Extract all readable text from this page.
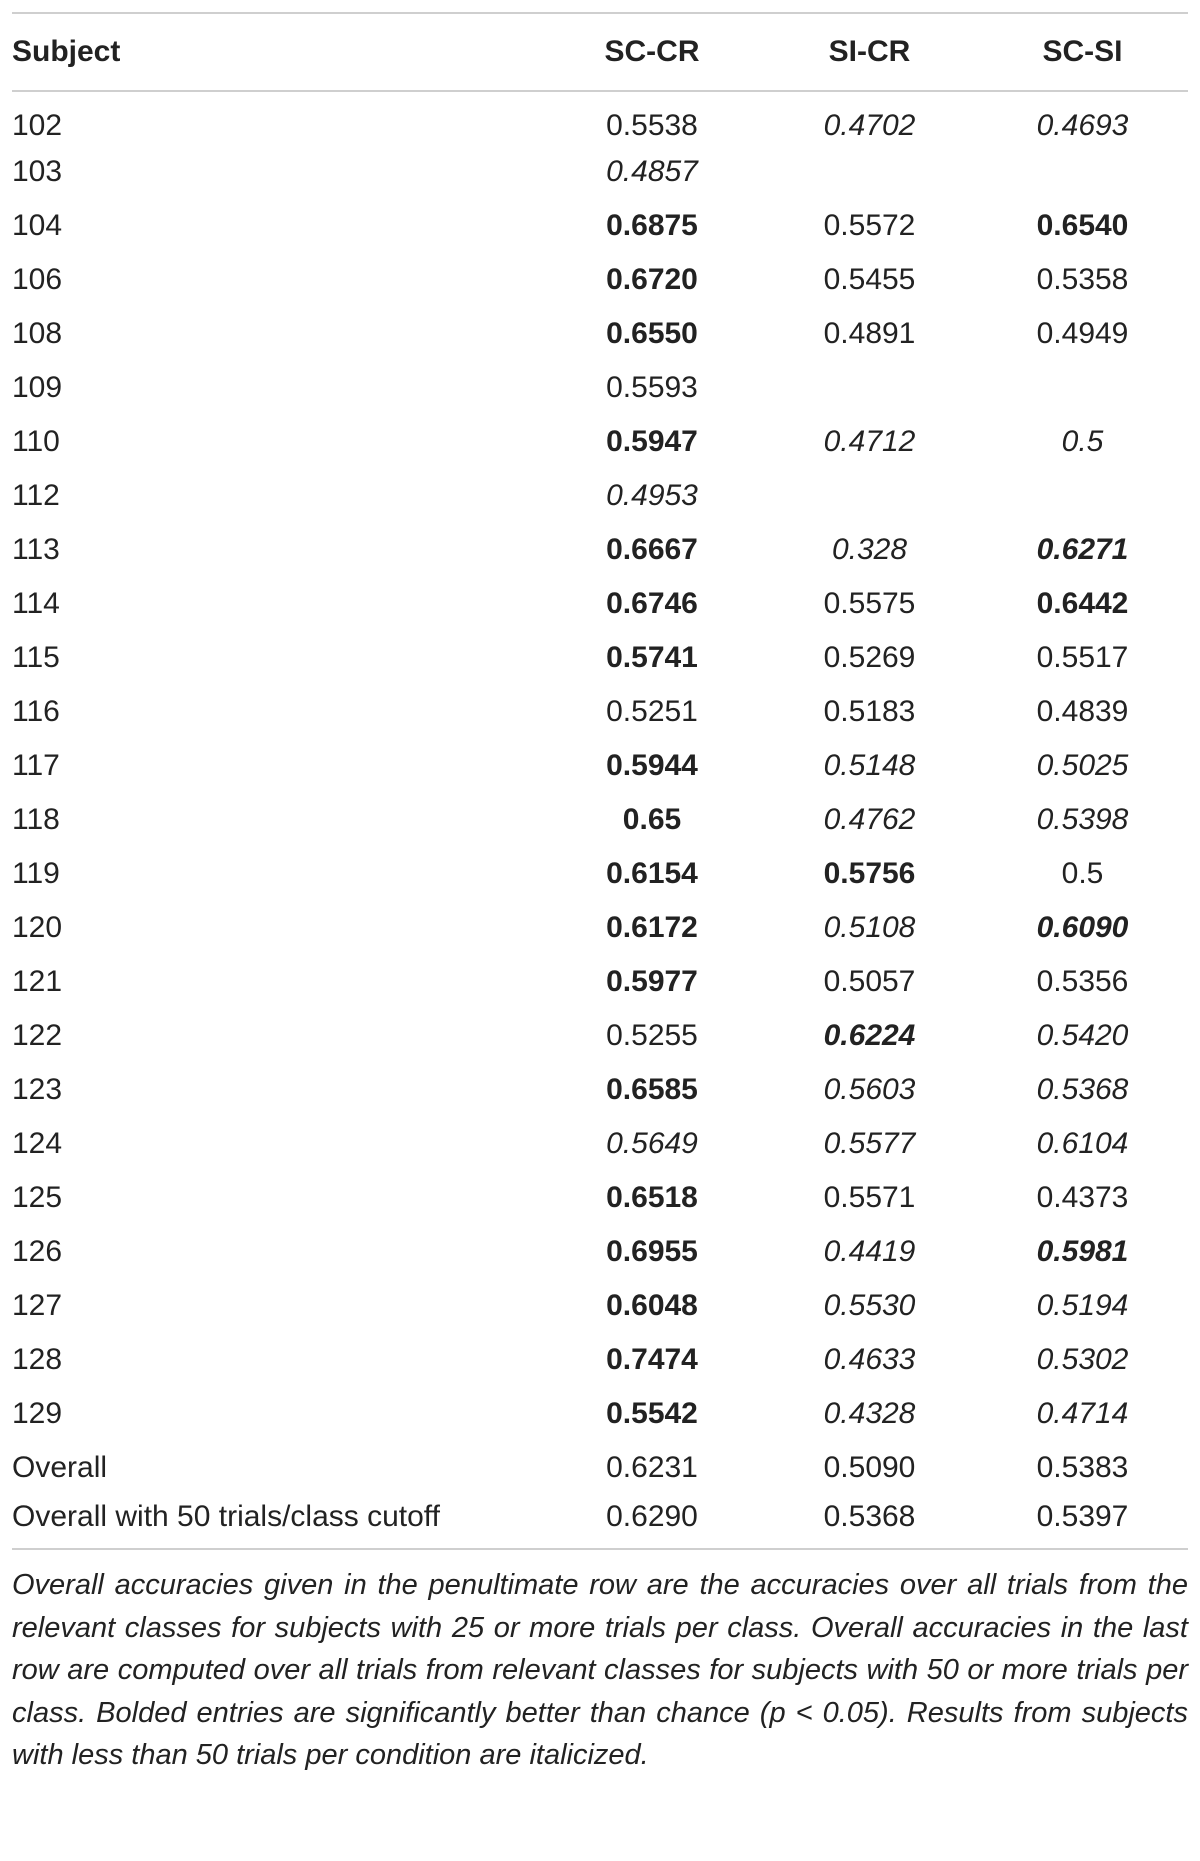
Subject	SC-CR	SI-CR	SC-SI
102	0.5538	0.4702	0.4693
103	0.4857		
104	0.6875	0.5572	0.6540
106	0.6720	0.5455	0.5358
108	0.6550	0.4891	0.4949
109	0.5593		
110	0.5947	0.4712	0.5
112	0.4953		
113	0.6667	0.328	0.6271
114	0.6746	0.5575	0.6442
115	0.5741	0.5269	0.5517
116	0.5251	0.5183	0.4839
117	0.5944	0.5148	0.5025
118	0.65	0.4762	0.5398
119	0.6154	0.5756	0.5
120	0.6172	0.5108	0.6090
121	0.5977	0.5057	0.5356
122	0.5255	0.6224	0.5420
123	0.6585	0.5603	0.5368
124	0.5649	0.5577	0.6104
125	0.6518	0.5571	0.4373
126	0.6955	0.4419	0.5981
127	0.6048	0.5530	0.5194
128	0.7474	0.4633	0.5302
129	0.5542	0.4328	0.4714
Overall	0.6231	0.5090	0.5383
Overall with 50 trials/class cutoff	0.6290	0.5368	0.5397

Overall accuracies given in the penultimate row are the accuracies over all trials from the relevant classes for subjects with 25 or more trials per class. Overall accuracies in the last row are computed over all trials from relevant classes for subjects with 50 or more trials per class. Bolded entries are significantly better than chance (p < 0.05). Results from subjects with less than 50 trials per condition are italicized.
